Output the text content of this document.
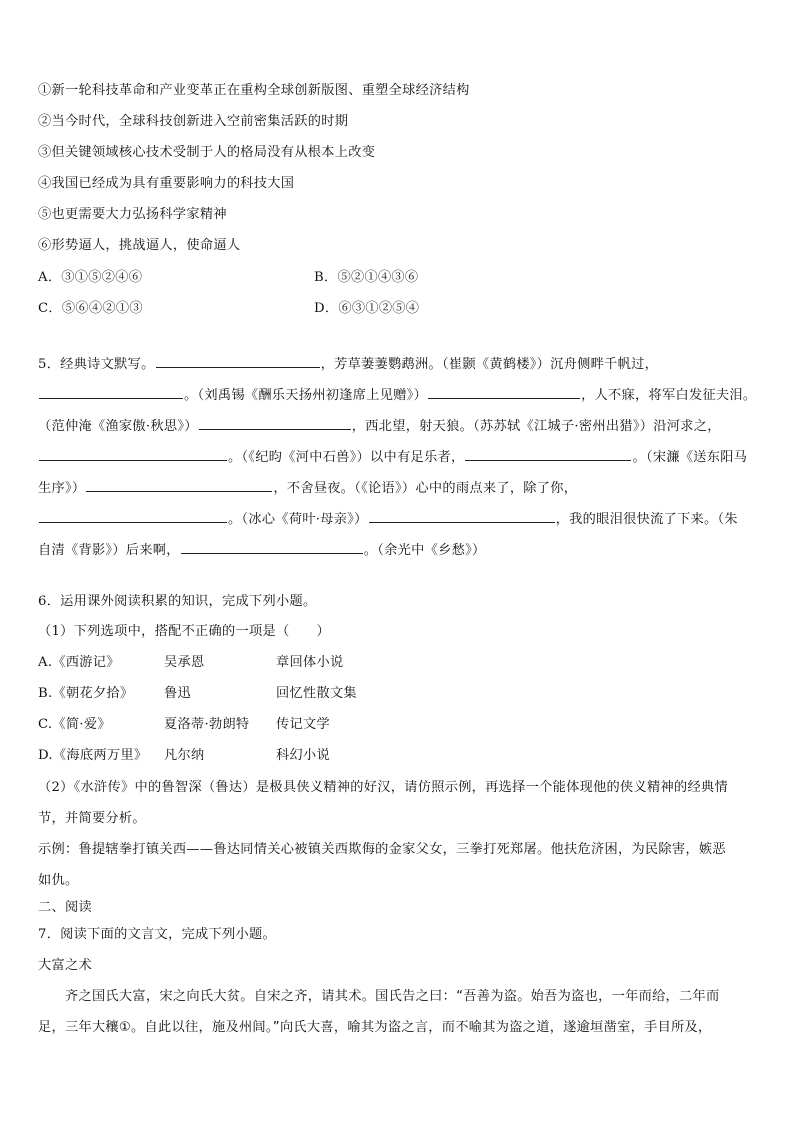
①新一轮科技革命和产业变革正在重构全球创新版图、重塑全球经济结构
②当今时代，全球科技创新进入空前密集活跃的时期
③但关键领域核心技术受制于人的格局没有从根本上改变
④我国已经成为具有重要影响力的科技大国
⑤也更需要大力弘扬科学家精神
⑥形势逼人，挑战逼人，使命逼人
A．③①⑤②④⑥	B．⑤②①④③⑥
C．⑤⑥④②①③	D．⑥③①②⑤④
5．经典诗文默写。	，芳草萋萋鹦鹉洲。（崔颢《黄鹤楼》）沉舟侧畔千帆过，
。（刘禹锡《酬乐天扬州初逢席上见赠》）	，人不寐，将军白发征夫泪。
（范仲淹《渔家傲·秋思》）	，西北望，射天狼。（苏苏轼《江城子·密州出猎》）沿河求之，
。（《纪昀《河中石兽》）以中有足乐者，	。（宋濂《送东阳马
生序》）	，不舍昼夜。（《论语》）心中的雨点来了，除了你，
。（冰心《荷叶·母亲》）	，我的眼泪很快流了下来。（朱
自清《背影》）后来啊，	。（余光中《乡愁》）
6．运用课外阅读积累的知识，完成下列小题。
（1）下列选项中，搭配不正确的一项是（　　）
A.《西游记》	吴承恩	章回体小说
B.《朝花夕拾》 鲁迅	回忆性散文集
C.《简·爱》	夏洛蒂·勃朗特 传记文学
D.《海底两万里》 凡尔纳	科幻小说
（2）《水浒传》中的鲁智深（鲁达）是极具侠义精神的好汉，请仿照示例，再选择一个能体现他的侠义精神的经典情
节，并简要分析。
示例：鲁提辖拳打镇关西——鲁达同情关心被镇关西欺侮的金家父女，三拳打死郑屠。他扶危济困，为民除害，嫉恶
如仇。
二、阅读
7．阅读下面的文言文，完成下列小题。
大富之术
　　齐之国氏大富，宋之向氏大贫。自宋之齐，请其术。国氏告之曰：“吾善为盗。始吾为盗也，一年而给，二年而
足，三年大穰①。自此以往，施及州闾。”向氏大喜，喻其为盗之言，而不喻其为盗之道，遂逾垣凿室，手目所及，
